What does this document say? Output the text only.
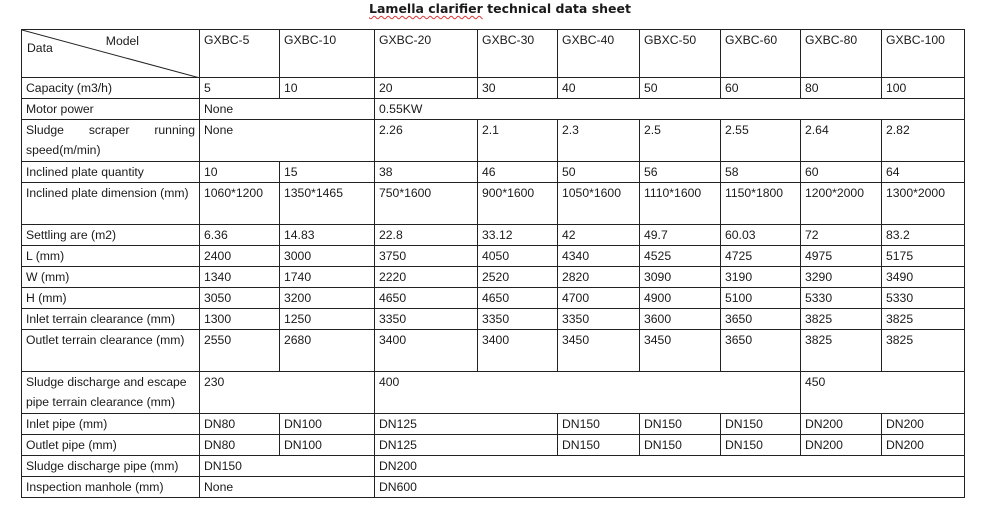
Lamella clarifier technical data sheet
Model
Data	GXBC-5	GXBC-10	GXBC-20	GXBC-30	GXBC-40	GBXC-50	GXBC-60	GXBC-80	GXBC-100
Capacity (m3/h)	5	10	20	30	40	50	60	80	100
Motor power	None		0.55KW						
Sludge scraper running speed(m/min)	None		2.26	2.1	2.3	2.5	2.55	2.64	2.82
Inclined plate quantity	10	15	38	46	50	56	58	60	64
Inclined plate dimension (mm)	1060*1200	1350*1465	750*1600	900*1600	1050*1600	1110*1600	1150*1800	1200*2000	1300*2000
Settling are (m2)	6.36	14.83	22.8	33.12	42	49.7	60.03	72	83.2
L (mm)	2400	3000	3750	4050	4340	4525	4725	4975	5175
W (mm)	1340	1740	2220	2520	2820	3090	3190	3290	3490
H (mm)	3050	3200	4650	4650	4700	4900	5100	5330	5330
Inlet terrain clearance (mm)	1300	1250	3350	3350	3350	3600	3650	3825	3825
Outlet terrain clearance (mm)	2550	2680	3400	3400	3450	3450	3650	3825	3825
Sludge discharge and escape pipe terrain clearance (mm)	230		400					450	
Inlet pipe (mm)	DN80	DN100	DN125		DN150	DN150	DN150	DN200	DN200
Outlet pipe (mm)	DN80	DN100	DN125		DN150	DN150	DN150	DN200	DN200
Sludge discharge pipe (mm)	DN150		DN200						
Inspection manhole (mm)	None		DN600						
